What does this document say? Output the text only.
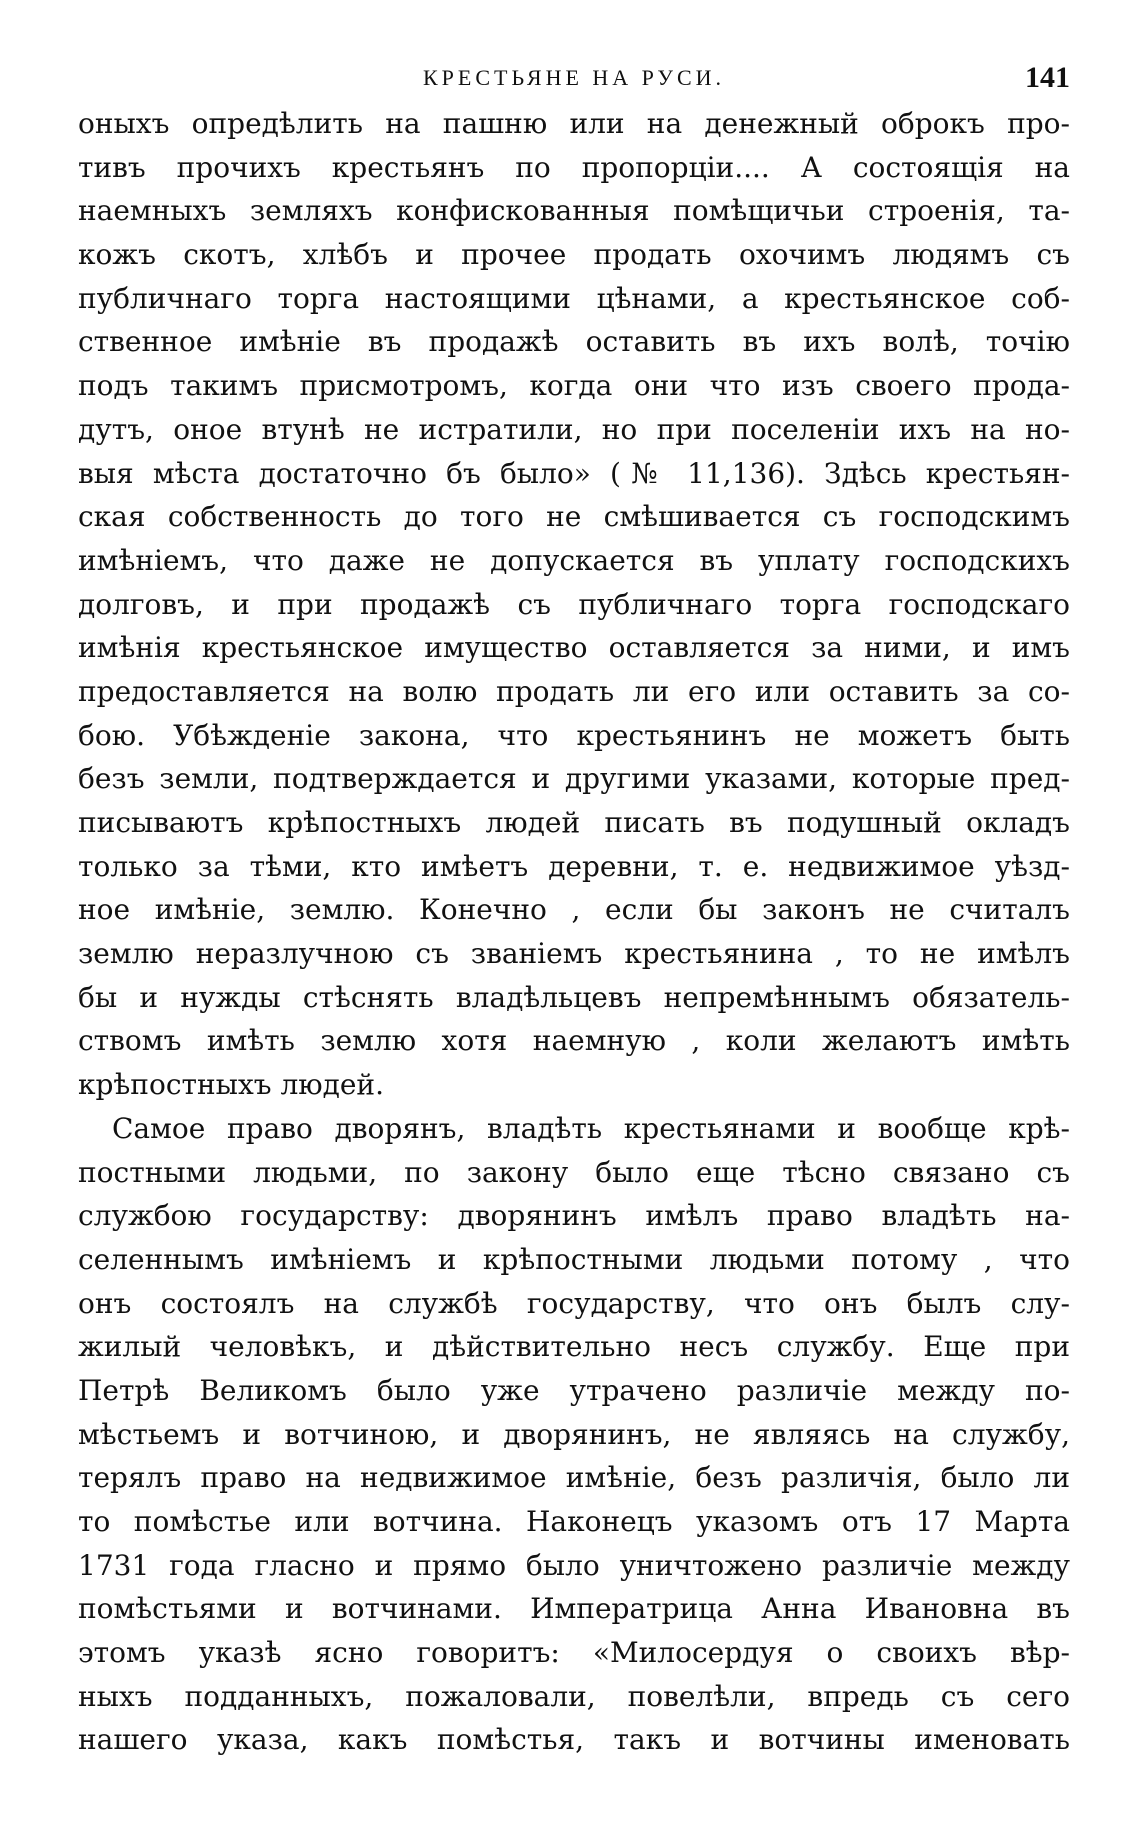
КРЕСТЬЯНЕ НА РУСИ.	141
оныхъ опредѣлить на пашню или на денежный оброкъ про-
тивъ прочихъ крестьянъ по пропорціи.... А состоящія на
наемныхъ земляхъ конфискованныя помѣщичьи строенія, та-
кожъ скотъ, хлѣбъ и прочее продать охочимъ людямъ съ
публичнаго торга настоящими цѣнами, а крестьянское соб-
ственное имѣніе въ продажѣ оставить въ ихъ волѣ, точію
подъ такимъ присмотромъ, когда они что изъ своего прода-
дутъ, оное втунѣ не истратили, но при поселеніи ихъ на но-
выя мѣста достаточно бъ было» (№ 11,136). Здѣсь крестьян-
ская собственность до того не смѣшивается съ господскимъ
имѣніемъ, что даже не допускается въ уплату господскихъ
долговъ, и при продажѣ съ публичнаго торга господскаго
имѣнія крестьянское имущество оставляется за ними, и имъ
предоставляется на волю продать ли его или оставить за со-
бою. Убѣжденіе закона, что крестьянинъ не можетъ быть
безъ земли, подтверждается и другими указами, которые пред-
писываютъ крѣпостныхъ людей писать въ подушный окладъ
только за тѣми, кто имѣетъ деревни, т. е. недвижимое уѣзд-
ное имѣніе, землю. Конечно , если бы законъ не считалъ
землю неразлучною съ званіемъ крестьянина , то не имѣлъ
бы и нужды стѣснять владѣльцевъ непремѣннымъ обязатель-
ствомъ имѣть землю хотя наемную , коли желаютъ имѣть
крѣпостныхъ людей.
Самое право дворянъ, владѣть крестьянами и вообще крѣ-
постными людьми, по закону было еще тѣсно связано съ
службою государству: дворянинъ имѣлъ право владѣть на-
селеннымъ имѣніемъ и крѣпостными людьми потому , что
онъ состоялъ на службѣ государству, что онъ былъ слу-
жилый человѣкъ, и дѣйствительно несъ службу. Еще при
Петрѣ Великомъ было уже утрачено различіе между по-
мѣстьемъ и вотчиною, и дворянинъ, не являясь на службу,
терялъ право на недвижимое имѣніе, безъ различія, было ли
то помѣстье или вотчина. Наконецъ указомъ отъ 17 Марта
1731 года гласно и прямо было уничтожено различіе между
помѣстьями и вотчинами. Императрица Анна Ивановна въ
этомъ указѣ ясно говоритъ: «Милосердуя о своихъ вѣр-
ныхъ подданныхъ, пожаловали, повелѣли, впредь съ сего
нашего указа, какъ помѣстья, такъ и вотчины именовать
